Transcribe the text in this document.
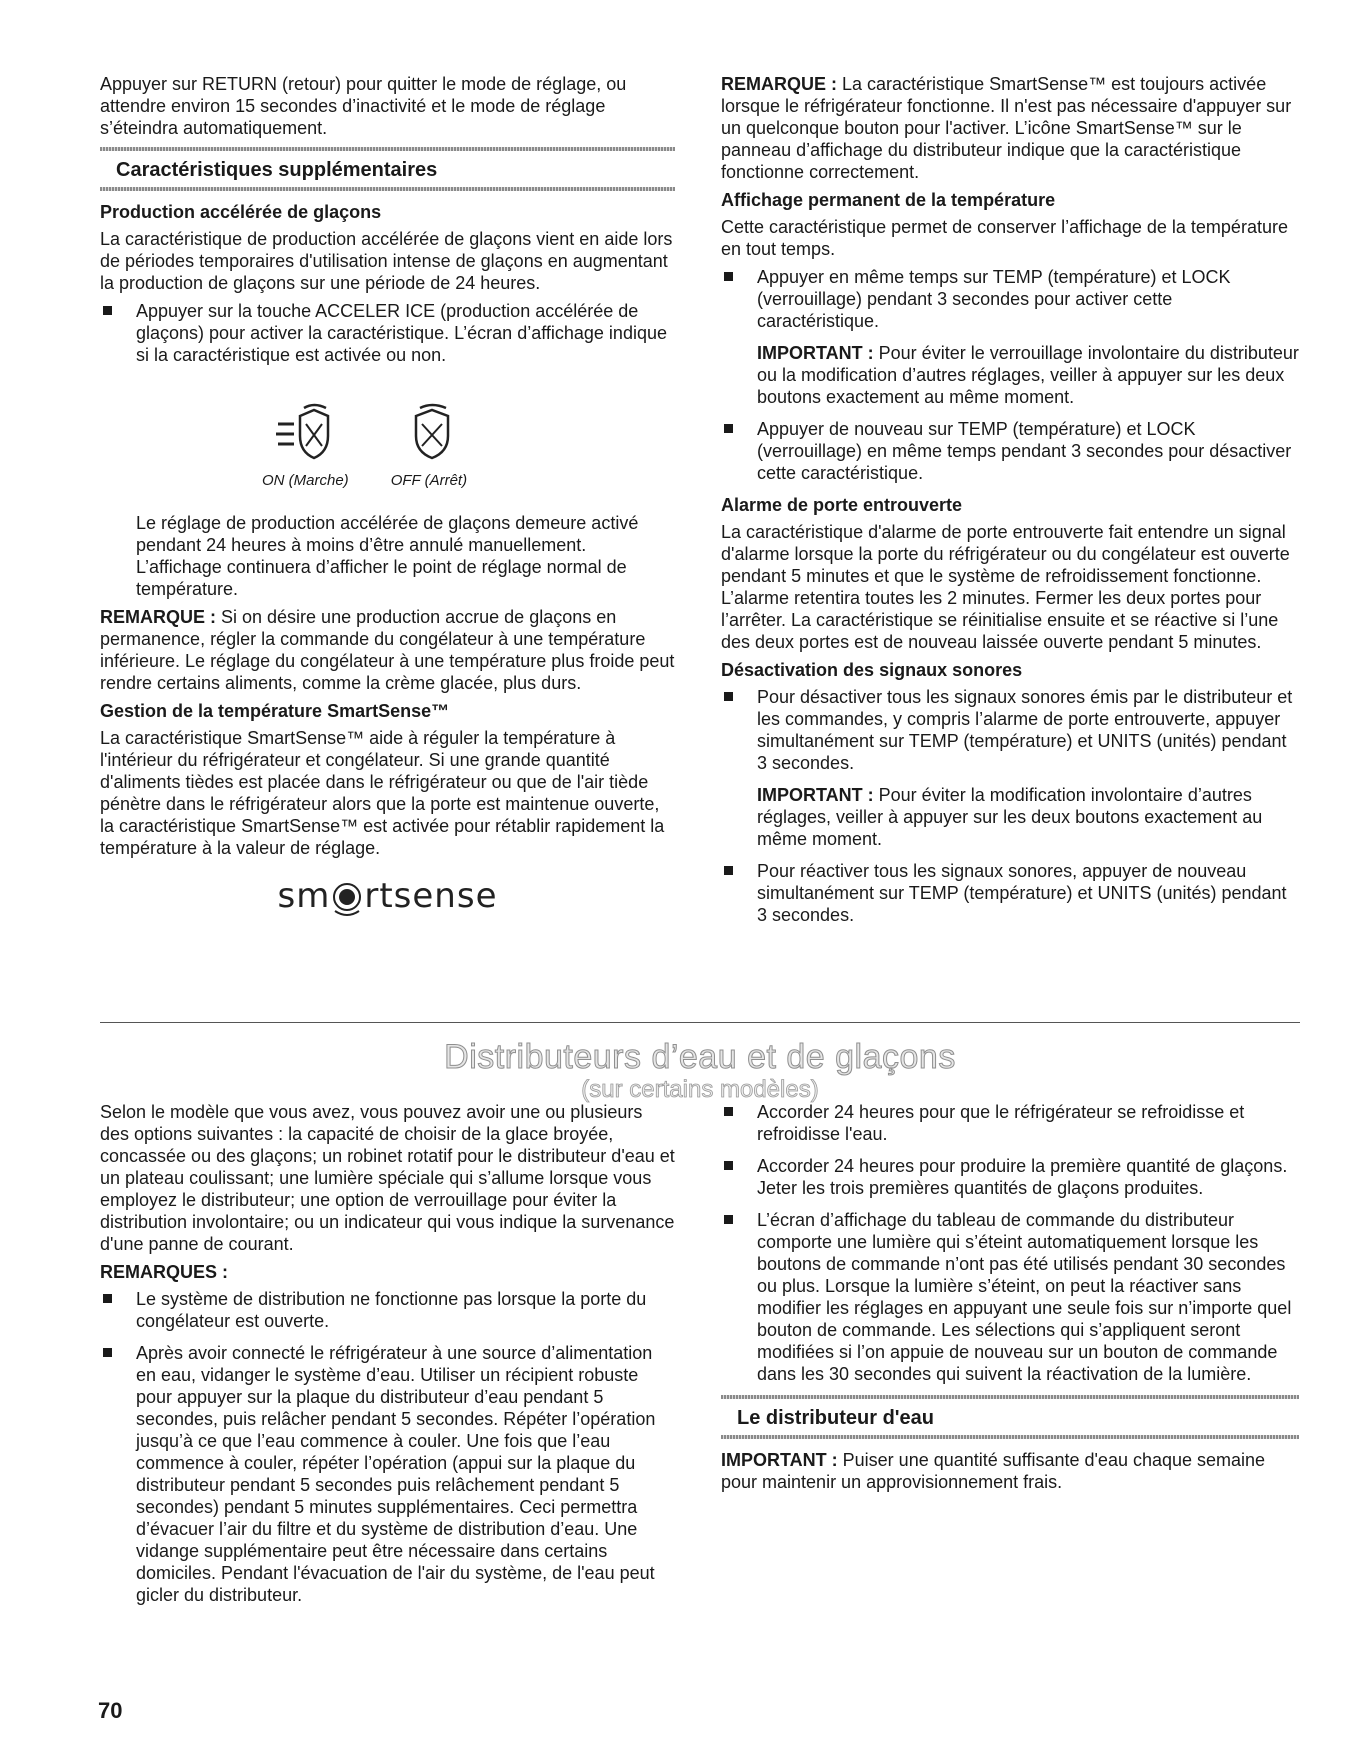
Appuyer sur RETURN (retour) pour quitter le mode de réglage, ou attendre environ 15 secondes d’inactivité et le mode de réglage s’éteindra automatiquement.

Caractéristiques supplémentaires
Production accélérée de glaçons

La caractéristique de production accélérée de glaçons vient en aide lors de périodes temporaires d'utilisation intense de glaçons en augmentant la production de glaçons sur une période de 24 heures.

Appuyer sur la touche ACCELER ICE (production accélérée de glaçons) pour activer la caractéristique. L’écran d’affichage indique si la caractéristique est activée ou non.
ON (Marche)	OFF (Arrêt)

Le réglage de production accélérée de glaçons demeure activé pendant 24 heures à moins d’être annulé manuellement. L’affichage continuera d’afficher le point de réglage normal de température.

REMARQUE : Si on désire une production accrue de glaçons en permanence, régler la commande du congélateur à une température inférieure. Le réglage du congélateur à une température plus froide peut rendre certains aliments, comme la crème glacée, plus durs.

Gestion de la température SmartSense™

La caractéristique SmartSense™ aide à réguler la température à l'intérieur du réfrigérateur et congélateur. Si une grande quantité d'aliments tièdes est placée dans le réfrigérateur ou que de l'air tiède pénètre dans le réfrigérateur alors que la porte est maintenue ouverte, la caractéristique SmartSense™ est activée pour rétablir rapidement la température à la valeur de réglage.

sm rtsense

REMARQUE : La caractéristique SmartSense™ est toujours activée lorsque le réfrigérateur fonctionne. Il n'est pas nécessaire d'appuyer sur un quelconque bouton pour l'activer. L’icône SmartSense™ sur le panneau d’affichage du distributeur indique que la caractéristique fonctionne correctement.

Affichage permanent de la température

Cette caractéristique permet de conserver l’affichage de la température en tout temps.

Appuyer en même temps sur TEMP (température) et LOCK (verrouillage) pendant 3 secondes pour activer cette caractéristique.

IMPORTANT : Pour éviter le verrouillage involontaire du distributeur ou la modification d’autres réglages, veiller à appuyer sur les deux boutons exactement au même moment.

Appuyer de nouveau sur TEMP (température) et LOCK (verrouillage) en même temps pendant 3 secondes pour désactiver cette caractéristique.
Alarme de porte entrouverte

La caractéristique d'alarme de porte entrouverte fait entendre un signal d'alarme lorsque la porte du réfrigérateur ou du congélateur est ouverte pendant 5 minutes et que le système de refroidissement fonctionne. L’alarme retentira toutes les 2 minutes. Fermer les deux portes pour l’arrêter. La caractéristique se réinitialise ensuite et se réactive si l’une des deux portes est de nouveau laissée ouverte pendant 5 minutes.

Désactivation des signaux sonores
Pour désactiver tous les signaux sonores émis par le distributeur et les commandes, y compris l’alarme de porte entrouverte, appuyer simultanément sur TEMP (température) et UNITS (unités) pendant 3 secondes.

IMPORTANT : Pour éviter la modification involontaire d’autres réglages, veiller à appuyer sur les deux boutons exactement au même moment.

Pour réactiver tous les signaux sonores, appuyer de nouveau simultanément sur TEMP (température) et UNITS (unités) pendant 3 secondes.
Distributeurs d’eau et de glaçons
(sur certains modèles)

Selon le modèle que vous avez, vous pouvez avoir une ou plusieurs des options suivantes : la capacité de choisir de la glace broyée, concassée ou des glaçons; un robinet rotatif pour le distributeur d'eau et un plateau coulissant; une lumière spéciale qui s’allume lorsque vous employez le distributeur; une option de verrouillage pour éviter la distribution involontaire; ou un indicateur qui vous indique la survenance d'une panne de courant.

REMARQUES :
Le système de distribution ne fonctionne pas lorsque la porte du congélateur est ouverte.
Après avoir connecté le réfrigérateur à une source d’alimentation en eau, vidanger le système d’eau. Utiliser un récipient robuste pour appuyer sur la plaque du distributeur d’eau pendant 5 secondes, puis relâcher pendant 5 secondes. Répéter l’opération jusqu’à ce que l’eau commence à couler. Une fois que l’eau commence à couler, répéter l’opération (appui sur la plaque du distributeur pendant 5 secondes puis relâchement pendant 5 secondes) pendant 5 minutes supplémentaires. Ceci permettra d’évacuer l’air du filtre et du système de distribution d’eau. Une vidange supplémentaire peut être nécessaire dans certains domiciles. Pendant l'évacuation de l'air du système, de l'eau peut gicler du distributeur.
Accorder 24 heures pour que le réfrigérateur se refroidisse et refroidisse l'eau.
Accorder 24 heures pour produire la première quantité de glaçons. Jeter les trois premières quantités de glaçons produites.
L’écran d’affichage du tableau de commande du distributeur comporte une lumière qui s’éteint automatiquement lorsque les boutons de commande n’ont pas été utilisés pendant 30 secondes ou plus. Lorsque la lumière s’éteint, on peut la réactiver sans modifier les réglages en appuyant une seule fois sur n’importe quel bouton de commande. Les sélections qui s’appliquent seront modifiées si l’on appuie de nouveau sur un bouton de commande dans les 30 secondes qui suivent la réactivation de la lumière.
Le distributeur d'eau

IMPORTANT : Puiser une quantité suffisante d'eau chaque semaine pour maintenir un approvisionnement frais.

70
